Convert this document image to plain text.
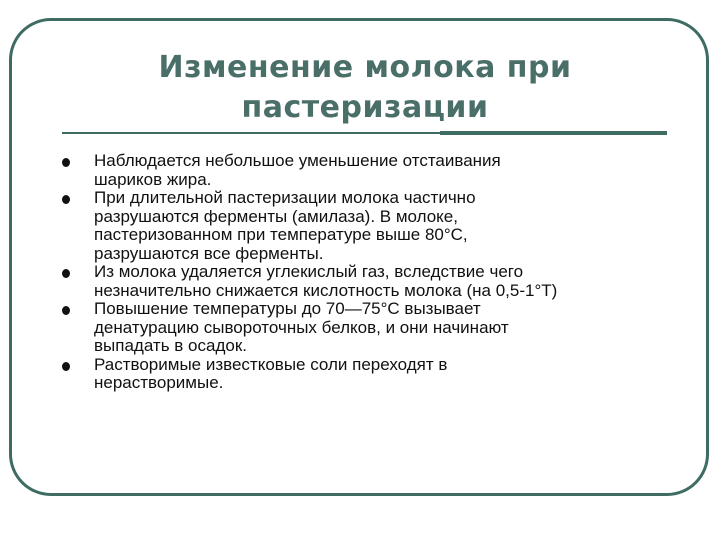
Изменение молока при
пастеризации
Наблюдается небольшое уменьшение отстаивания
шариков жира.
При длительной пастеризации молока частично
разрушаются ферменты (амилаза). В молоке,
пастеризованном при температуре выше 80°С,
разрушаются все ферменты.
Из молока удаляется углекислый газ, вследствие чего
незначительно снижается кислотность молока (на 0,5-1°Т)
Повышение температуры до 70—75°С вызывает
денатурацию сывороточных белков, и они начинают
выпадать в осадок.
Растворимые известковые соли переходят в
нерастворимые.
